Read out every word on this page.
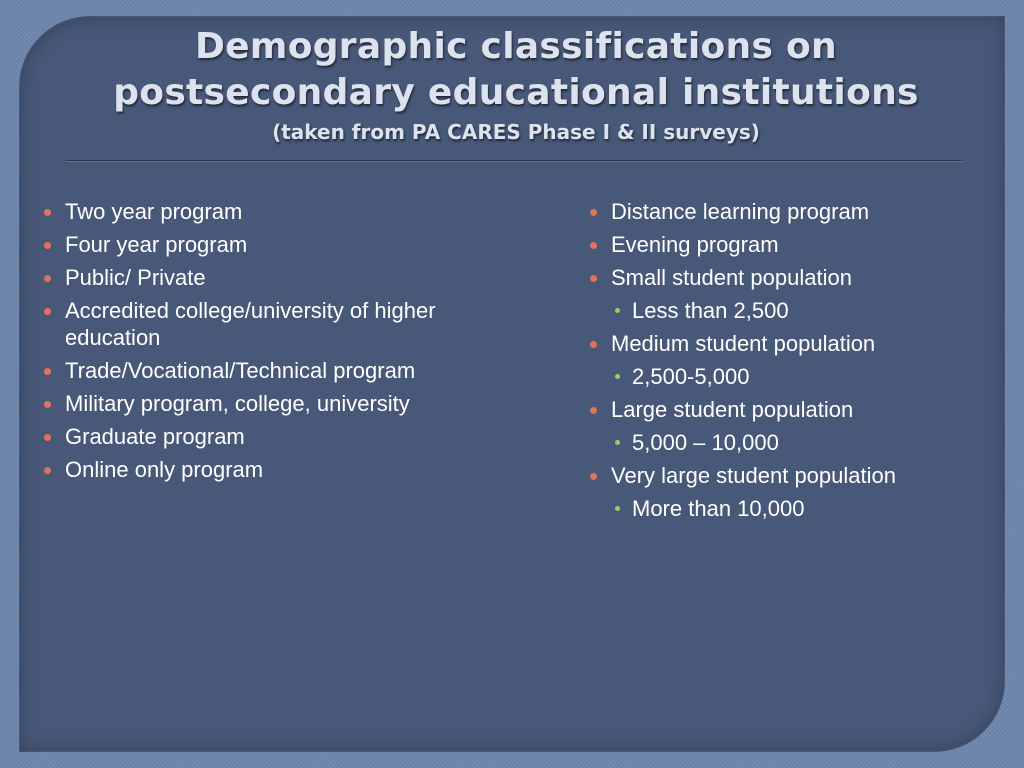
Demographic classifications on
postsecondary educational institutions
(taken from PA CARES Phase I & II surveys)
Two year program
Four year program
Public/ Private
Accredited college/university of higher education
Trade/Vocational/Technical program
Military program, college, university
Graduate program
Online only program
Distance learning program
Evening program
Small student population
Less than 2,500
Medium student population
2,500-5,000
Large student population
5,000 – 10,000
Very large student population
More than 10,000
